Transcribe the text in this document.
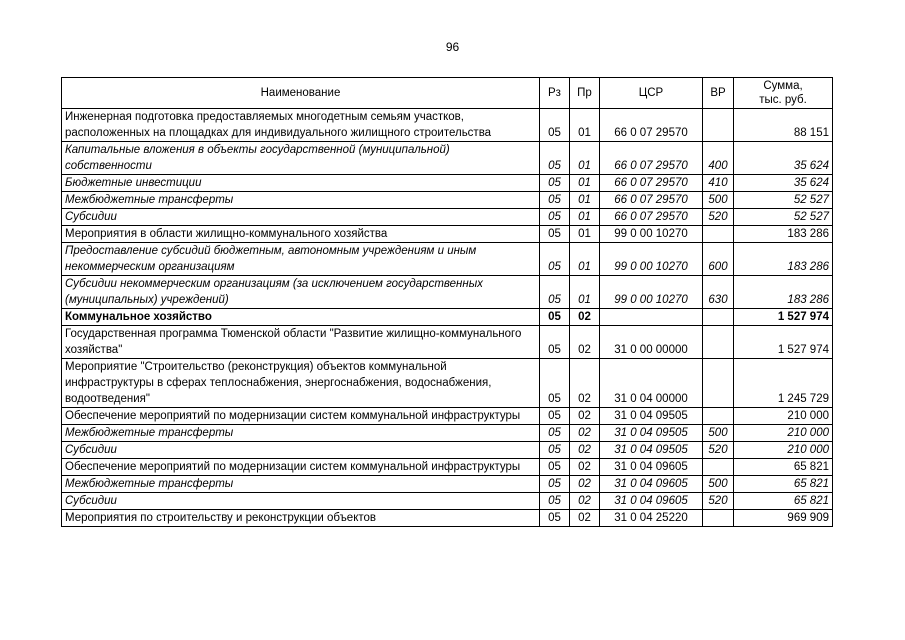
96
Наименование	Рз	Пр	ЦСР	ВР	Сумма,
тыс. руб.
Инженерная подготовка предоставляемых многодетным семьям участков, расположенных на площадках для индивидуального жилищного строительства	05	01	66 0 07 29570		88 151
Капитальные вложения в объекты государственной (муниципальной) собственности	05	01	66 0 07 29570	400	35 624
Бюджетные инвестиции	05	01	66 0 07 29570	410	35 624
Межбюджетные трансферты	05	01	66 0 07 29570	500	52 527
Субсидии	05	01	66 0 07 29570	520	52 527
Мероприятия в области жилищно-коммунального хозяйства	05	01	99 0 00 10270		183 286
Предоставление субсидий бюджетным, автономным учреждениям и иным некоммерческим организациям	05	01	99 0 00 10270	600	183 286
Субсидии некоммерческим организациям (за исключением государственных (муниципальных) учреждений)	05	01	99 0 00 10270	630	183 286
Коммунальное хозяйство	05	02			1 527 974
Государственная программа Тюменской области "Развитие жилищно-коммунального хозяйства"	05	02	31 0 00 00000		1 527 974
Мероприятие "Строительство (реконструкция) объектов коммунальной инфраструктуры в сферах теплоснабжения, энергоснабжения, водоснабжения, водоотведения"	05	02	31 0 04 00000		1 245 729
Обеспечение мероприятий по модернизации систем коммунальной инфраструктуры	05	02	31 0 04 09505		210 000
Межбюджетные трансферты	05	02	31 0 04 09505	500	210 000
Субсидии	05	02	31 0 04 09505	520	210 000
Обеспечение мероприятий по модернизации систем коммунальной инфраструктуры	05	02	31 0 04 09605		65 821
Межбюджетные трансферты	05	02	31 0 04 09605	500	65 821
Субсидии	05	02	31 0 04 09605	520	65 821
Мероприятия по строительству и реконструкции объектов	05	02	31 0 04 25220		969 909
